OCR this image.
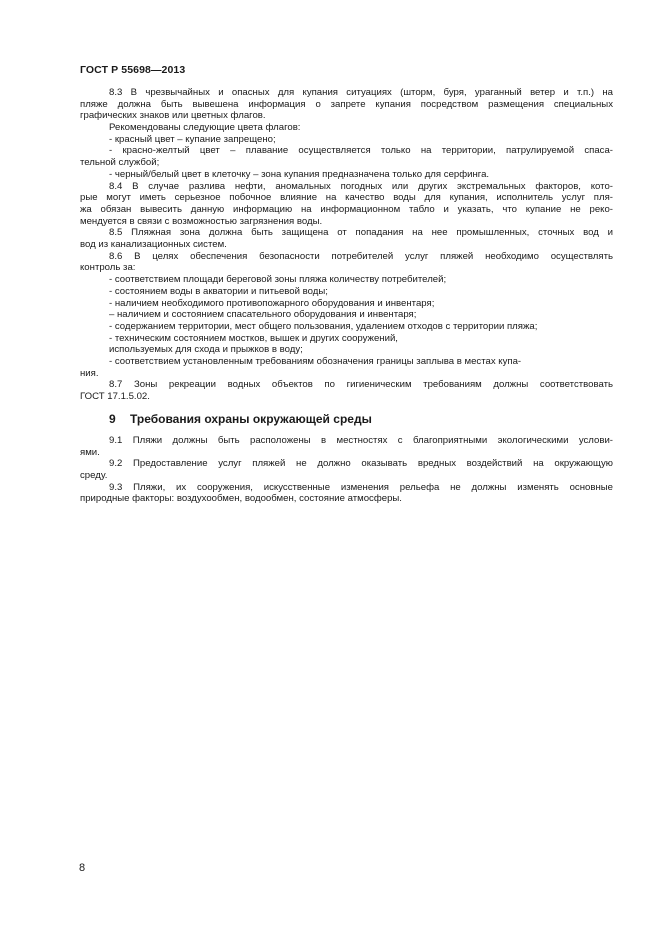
ГОСТ Р 55698—2013
8.3 В чрезвычайных и опасных для купания ситуациях (шторм, буря, ураганный ветер и т.п.) на
пляже должна быть вывешена информация о запрете купания посредством размещения специальных
графических знаков или цветных флагов.
Рекомендованы следующие цвета флагов:
- красный цвет – купание запрещено;
- красно-желтый цвет – плавание осуществляется только на территории, патрулируемой спаса-
тельной службой;
- черный/белый цвет в клеточку – зона купания предназначена только для серфинга.
8.4 В случае разлива нефти, аномальных погодных или других экстремальных факторов, кото-
рые могут иметь серьезное побочное влияние на качество воды для купания, исполнитель услуг пля-
жа обязан вывесить данную информацию на информационном табло и указать, что купание не реко-
мендуется в связи с возможностью загрязнения воды.
8.5 Пляжная зона должна быть защищена от попадания на нее промышленных, сточных вод и
вод из канализационных систем.
8.6 В целях обеспечения безопасности потребителей услуг пляжей необходимо осуществлять
контроль за:
- соответствием площади береговой зоны пляжа количеству потребителей;
- состоянием воды в акватории и питьевой воды;
- наличием необходимого противопожарного оборудования и инвентаря;
– наличием и состоянием спасательного оборудования и инвентаря;
- содержанием территории, мест общего пользования, удалением отходов с территории пляжа;
- техническим состоянием мостков, вышек и других сооружений,
используемых для схода и прыжков в воду;
- соответствием установленным требованиям обозначения границы заплыва в местах купа-
ния.
8.7 Зоны рекреации водных объектов по гигиеническим требованиям должны соответствовать
ГОСТ 17.1.5.02.
9 Требования охраны окружающей среды
9.1 Пляжи должны быть расположены в местностях с благоприятными экологическими услови-
ями.
9.2 Предоставление услуг пляжей не должно оказывать вредных воздействий на окружающую
среду.
9.3 Пляжи, их сооружения, искусственные изменения рельефа не должны изменять основные
природные факторы: воздухообмен, водообмен, состояние атмосферы.
8
